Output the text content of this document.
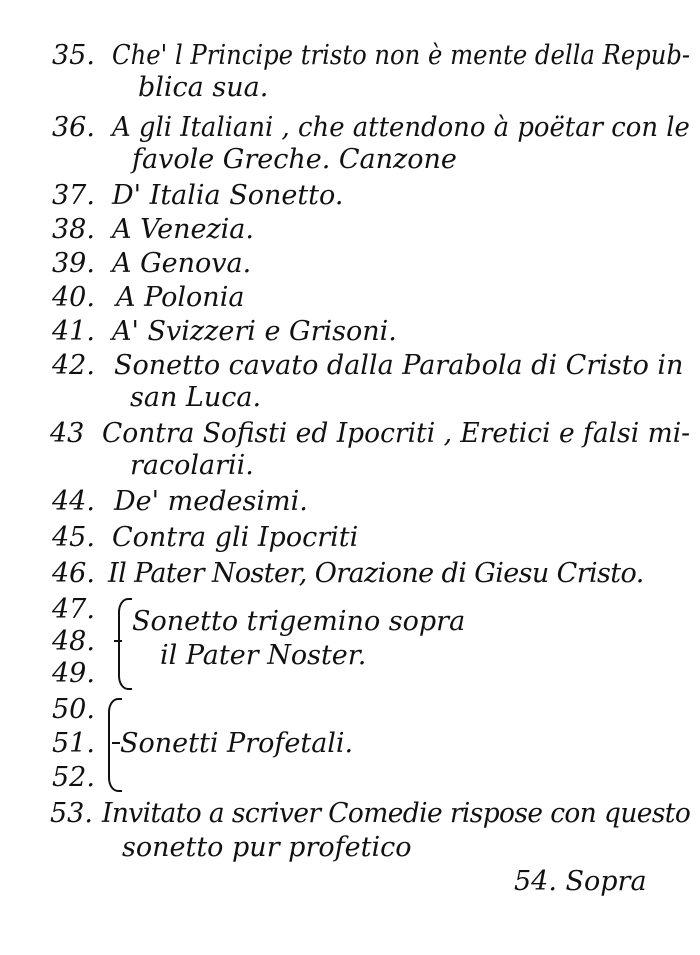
35. Che' l Principe tristo non è mente della Repub-
blica sua.
36. A gli Italiani , che attendono à poëtar con le
favole Greche. Canzone
37. D' Italia Sonetto.
38. A Venezia.
39. A Genova.
40. A Polonia
41. A' Svizzeri e Grisoni.
42. Sonetto cavato dalla Parabola di Cristo in
san Luca.
43 Contra Sofisti ed Ipocriti , Eretici e falsi mi-
racolarii.
44. De' medesimi.
45. Contra gli Ipocriti
46. Il Pater Noster, Orazione di Giesu Cristo.
47.
48.
49.
Sonetto trigemino sopra
il Pater Noster.
50.
51.
52.
Sonetti Profetali.
53. Invitato a scriver Comedie rispose con questo
sonetto pur profetico
54. Sopra
